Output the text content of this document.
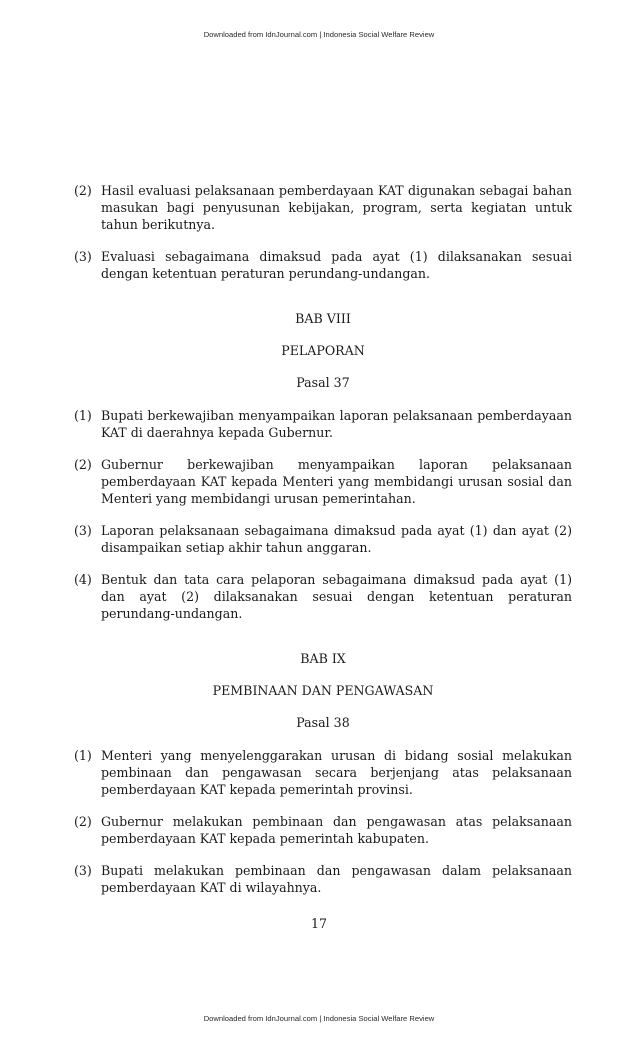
Downloaded from IdnJournal.com | Indonesia Social Welfare Review
(2) Hasil evaluasi pelaksanaan pemberdayaan KAT digunakan sebagai bahan masukan bagi penyusunan kebijakan, program, serta kegiatan untuk tahun berikutnya.
(3) Evaluasi sebagaimana dimaksud pada ayat (1) dilaksanakan sesuai dengan ketentuan peraturan perundang-undangan.
BAB VIII
PELAPORAN
Pasal 37
(1) Bupati berkewajiban menyampaikan laporan pelaksanaan pemberdayaan KAT di daerahnya kepada Gubernur.
(2) Gubernur berkewajiban menyampaikan laporan pelaksanaan pemberdayaan KAT kepada Menteri yang membidangi urusan sosial dan Menteri yang membidangi urusan pemerintahan.
(3) Laporan pelaksanaan sebagaimana dimaksud pada ayat (1) dan ayat (2) disampaikan setiap akhir tahun anggaran.
(4) Bentuk dan tata cara pelaporan sebagaimana dimaksud pada ayat (1) dan ayat (2) dilaksanakan sesuai dengan ketentuan peraturan perundang-undangan.
BAB IX
PEMBINAAN DAN PENGAWASAN
Pasal 38
(1) Menteri yang menyelenggarakan urusan di bidang sosial melakukan pembinaan dan pengawasan secara berjenjang atas pelaksanaan pemberdayaan KAT kepada pemerintah provinsi.
(2) Gubernur melakukan pembinaan dan pengawasan atas pelaksanaan pemberdayaan KAT kepada pemerintah kabupaten.
(3) Bupati melakukan pembinaan dan pengawasan dalam pelaksanaan pemberdayaan KAT di wilayahnya.
17
Downloaded from IdnJournal.com | Indonesia Social Welfare Review
